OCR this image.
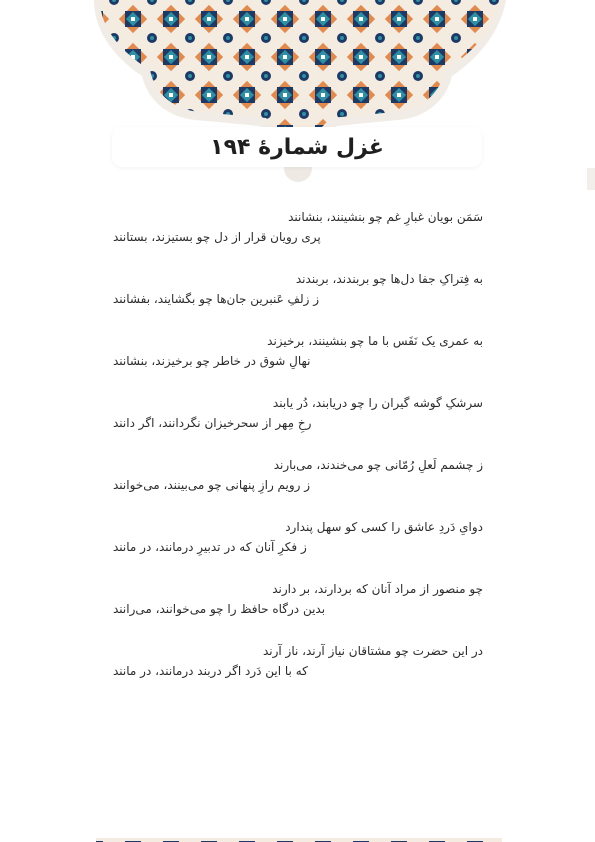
غزل شمارهٔ ۱۹۴
سَمَن بویان غبارِ غم چو بنشینند، بنشانند
پری رویان قرار از دل چو بستیزند، بستانند
به فِتراکِ جفا دل‌ها چو بربندند، بربندند
ز زلفِ عَنبرین جان‌ها چو بگشایند، بفشانند
به عمری یک نَفَس با ما چو بنشینند، برخیزند
نهالِ شوق در خاطر چو برخیزند، بنشانند
سرشکِ گوشه گیران را چو دریابند، دُر یابند
رخِ مِهر از سحرخیزان نگردانند، اگر دانند
ز چشمم لَعلِ رُمّانی چو می‌خندند، می‌بارند
ز رویم رازِ پنهانی چو می‌بینند، می‌خوانند
دوایِ دَردِ عاشق را کسی کو سهل پندارد
ز فکرِ آنان که در تدبیرِ درمانند، در مانند
چو منصور از مراد آنان که بردارند، بر دارند
بدین درگاه حافظ را چو می‌خوانند، می‌رانند
در این حضرت چو مشتاقان نیاز آرند، ناز آرند
که با این دَرد اگر دربند درمانند، در مانند
